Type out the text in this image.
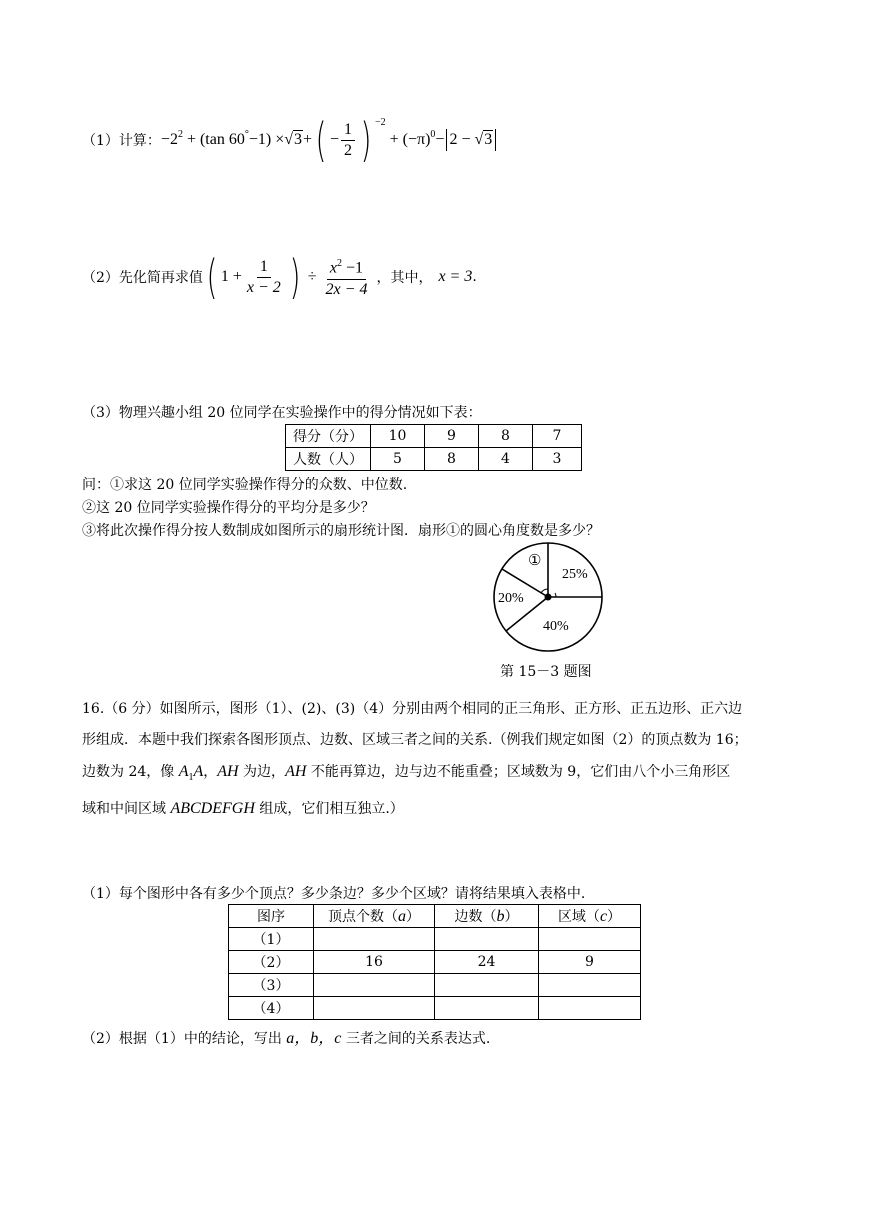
（1）计算： $-2^2 + (\tan$ 60° −1) × √3 + ( − $\frac{1}{2}$ ) $^{-2}$
+ $(-\pi)^0 - 2 - √3$
（2）先化简再求值 ( $1 + \frac{1}{x - 2}$ ) ÷ $\frac{x^2 -1}{2x - 4}$ ，其中， x = 3 .
（3）物理兴趣小组 20 位同学在实验操作中的得分情况如下表：
得分（分）	10	9	8	7
人数（人）	5	8	4	3
问：①求这 20 位同学实验操作得分的众数、中位数.
②这 20 位同学实验操作得分的平均分是多少？
③将此次操作得分按人数制成如图所示的扇形统计图．扇形①的圆心角度数是多少？
①
25%
20%
40%
第 15－3 题图
16.（6 分）如图所示，图形（1）、(2)、(3)（4）分别由两个相同的正三角形、正方形、正五边形、正六边
形组成．本题中我们探索各图形顶点、边数、区域三者之间的关系.（例我们规定如图（2）的顶点数为 16；
边数为 24，像 $A_1A$，AH 为边，AH 不能再算边，边与边不能重叠；区域数为 9，它们由八个小三角形区
域和中间区域 ABCDEFGH 组成，它们相互独立.）
（1）每个图形中各有多少个顶点？多少条边？多少个区域？请将结果填入表格中.
图序	顶点个数（a）	边数（b）	区域（c）
（1）			
（2）	16	24	9
（3）			
（4）			
（2）根据（1）中的结论，写出 a，b，c 三者之间的关系表达式.
